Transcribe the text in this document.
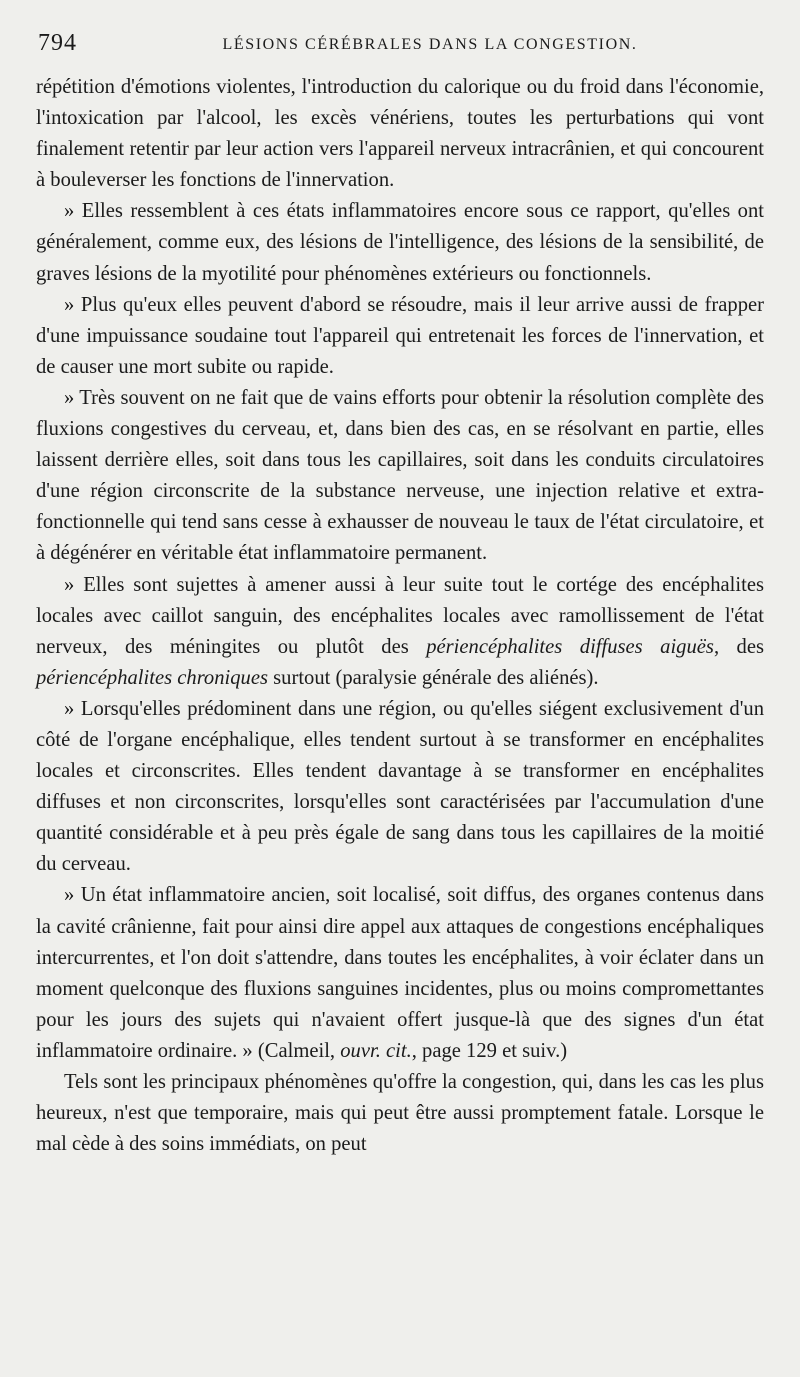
794	LÉSIONS CÉRÉBRALES DANS LA CONGESTION.

répétition d'émotions violentes, l'introduction du calorique ou du froid dans l'économie, l'intoxication par l'alcool, les excès vénériens, toutes les perturbations qui vont finalement retentir par leur action vers l'appareil nerveux intracrânien, et qui concourent à bouleverser les fonctions de l'innervation.

» Elles ressemblent à ces états inflammatoires encore sous ce rapport, qu'elles ont généralement, comme eux, des lésions de l'intelligence, des lésions de la sensibilité, de graves lésions de la myotilité pour phénomènes extérieurs ou fonctionnels.

» Plus qu'eux elles peuvent d'abord se résoudre, mais il leur arrive aussi de frapper d'une impuissance soudaine tout l'appareil qui entretenait les forces de l'innervation, et de causer une mort subite ou rapide.

» Très souvent on ne fait que de vains efforts pour obtenir la résolution complète des fluxions congestives du cerveau, et, dans bien des cas, en se résolvant en partie, elles laissent derrière elles, soit dans tous les capillaires, soit dans les conduits circulatoires d'une région circonscrite de la substance nerveuse, une injection relative et extra-fonctionnelle qui tend sans cesse à exhausser de nouveau le taux de l'état circulatoire, et à dégénérer en véritable état inflammatoire permanent.

» Elles sont sujettes à amener aussi à leur suite tout le cortége des encéphalites locales avec caillot sanguin, des encéphalites locales avec ramollissement de l'état nerveux, des méningites ou plutôt des périencéphalites diffuses aiguës, des périencéphalites chroniques surtout (paralysie générale des aliénés).

» Lorsqu'elles prédominent dans une région, ou qu'elles siégent exclusivement d'un côté de l'organe encéphalique, elles tendent surtout à se transformer en encéphalites locales et circonscrites. Elles tendent davantage à se transformer en encéphalites diffuses et non circonscrites, lorsqu'elles sont caractérisées par l'accumulation d'une quantité considérable et à peu près égale de sang dans tous les capillaires de la moitié du cerveau.

» Un état inflammatoire ancien, soit localisé, soit diffus, des organes contenus dans la cavité crânienne, fait pour ainsi dire appel aux attaques de congestions encéphaliques intercurrentes, et l'on doit s'attendre, dans toutes les encéphalites, à voir éclater dans un moment quelconque des fluxions sanguines incidentes, plus ou moins compromettantes pour les jours des sujets qui n'avaient offert jusque-là que des signes d'un état inflammatoire ordinaire. » (Calmeil, ouvr. cit., page 129 et suiv.)

Tels sont les principaux phénomènes qu'offre la congestion, qui, dans les cas les plus heureux, n'est que temporaire, mais qui peut être aussi promptement fatale. Lorsque le mal cède à des soins immédiats, on peut
